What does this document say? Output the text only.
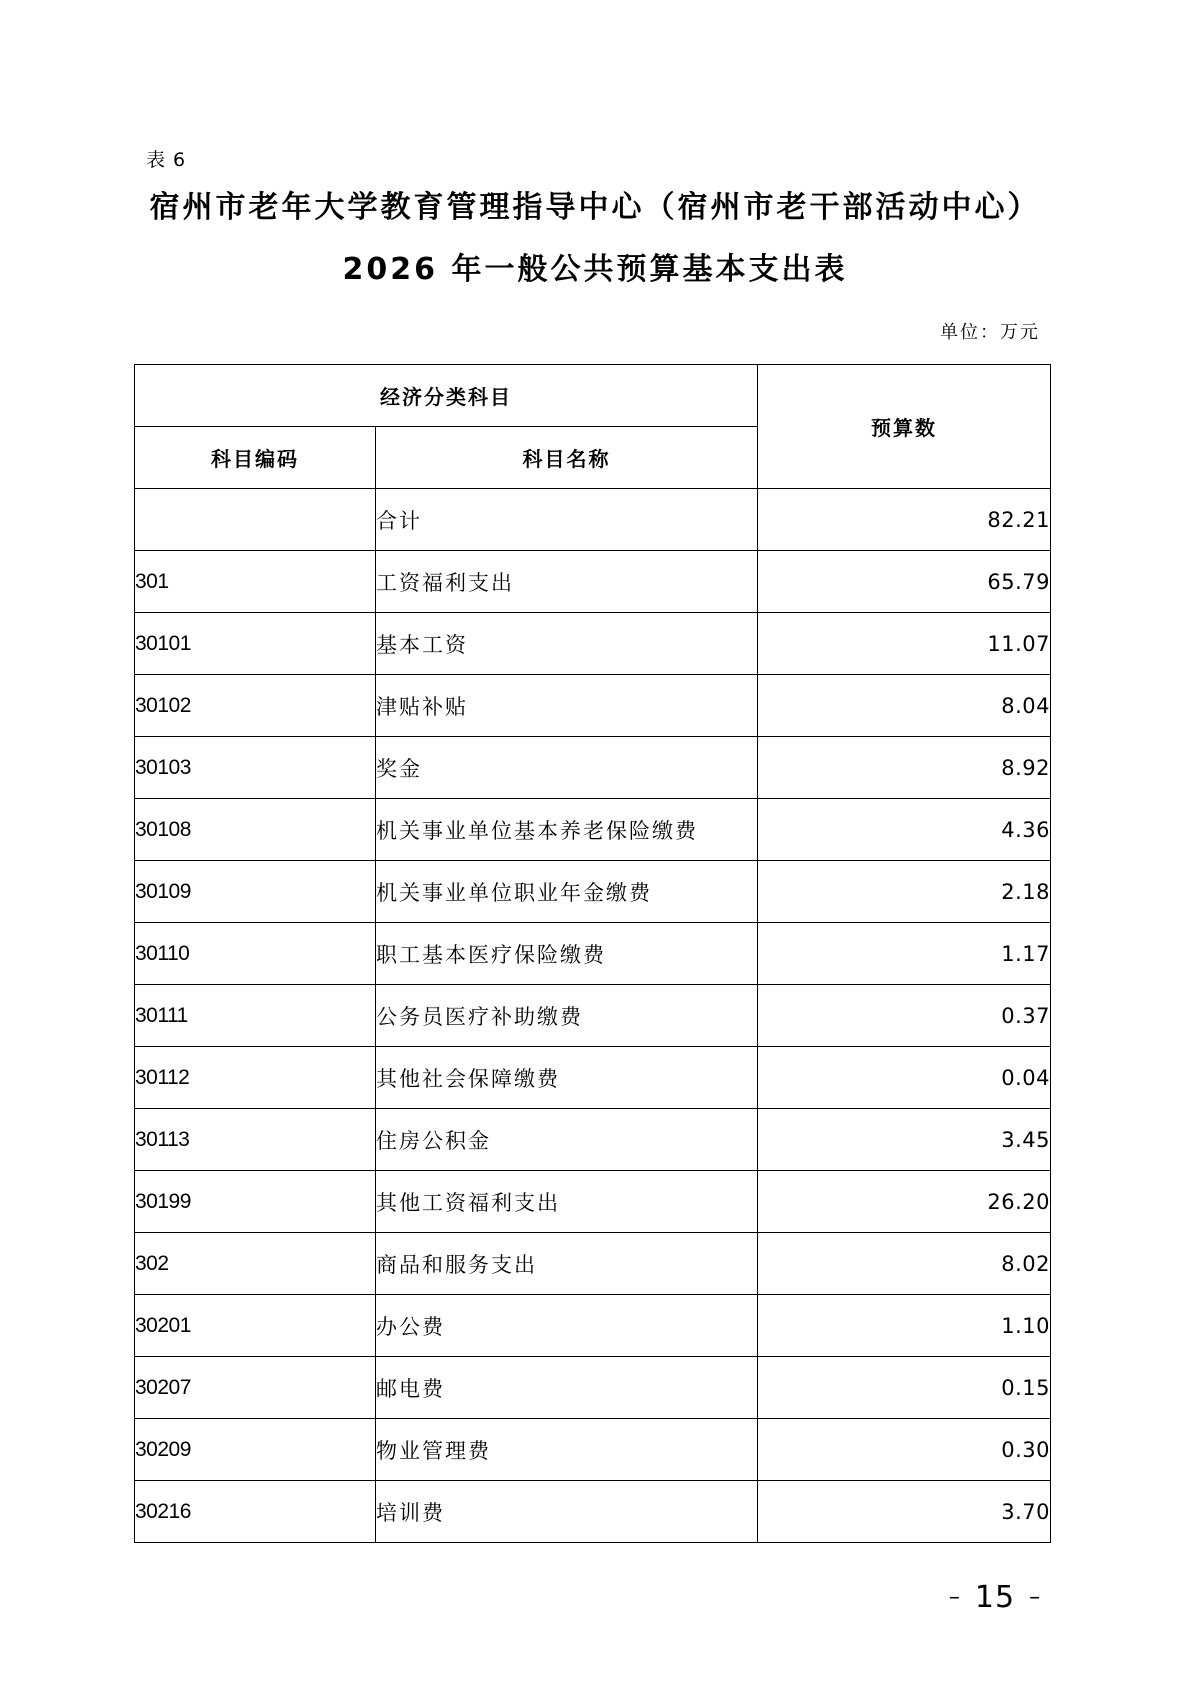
表 6
宿州市老年大学教育管理指导中心（宿州市老干部活动中心）
2026 年一般公共预算基本支出表
单位：万元
经济分类科目		预算数
科目编码	科目名称	
	合计	82.21
301	工资福利支出	65.79
30101	基本工资	11.07
30102	津贴补贴	8.04
30103	奖金	8.92
30108	机关事业单位基本养老保险缴费	4.36
30109	机关事业单位职业年金缴费	2.18
30110	职工基本医疗保险缴费	1.17
30111	公务员医疗补助缴费	0.37
30112	其他社会保障缴费	0.04
30113	住房公积金	3.45
30199	其他工资福利支出	26.20
302	商品和服务支出	8.02
30201	办公费	1.10
30207	邮电费	0.15
30209	物业管理费	0.30
30216	培训费	3.70
– 15 –
